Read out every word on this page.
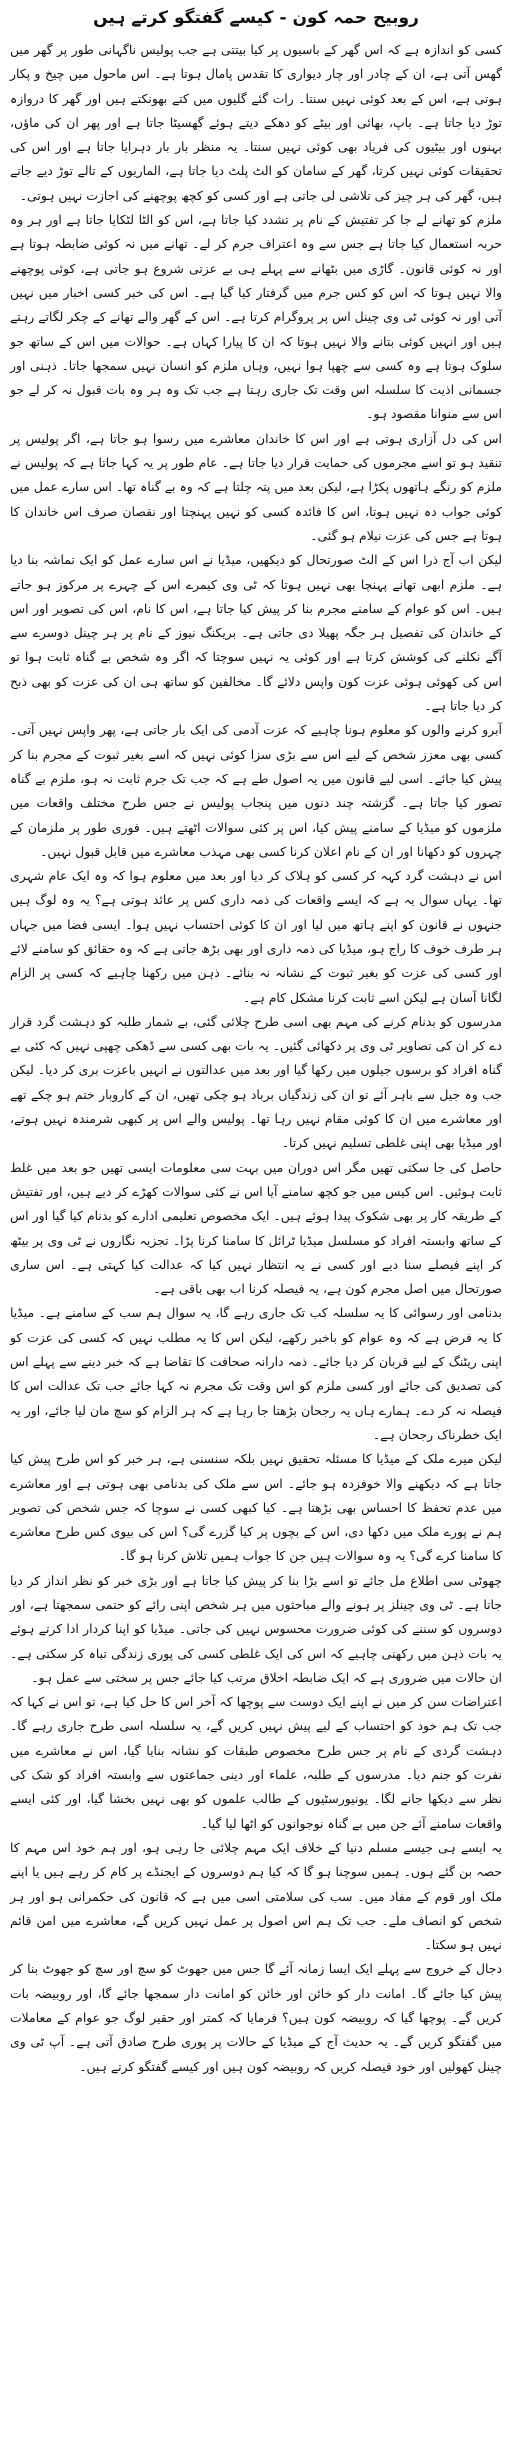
روبیح حمہ کون - کیسے گفتگو کرتے ہیں

کسی کو اندازہ ہے کہ اس گھر کے باسیوں پر کیا بیتتی ہے جب پولیس ناگہانی طور پر گھر میں گھس آتی ہے، ان کے چادر اور چار دیواری کا تقدس پامال ہوتا ہے۔ اس ماحول میں چیخ و پکار ہوتی ہے، اس کے بعد کوئی نہیں سنتا۔ رات گئے گلیوں میں کتے بھونکتے ہیں اور گھر کا دروازہ توڑ دیا جاتا ہے۔ باپ، بھائی اور بیٹے کو دھکے دیتے ہوئے گھسیٹا جاتا ہے اور پھر ان کی ماؤں، بہنوں اور بیٹیوں کی فریاد بھی کوئی نہیں سنتا۔ یہ منظر بار بار دہرایا جاتا ہے اور اس کی تحقیقات کوئی نہیں کرتا، گھر کے سامان کو الٹ پلٹ دیا جاتا ہے، الماریوں کے تالے توڑ دیے جاتے ہیں، گھر کی ہر چیز کی تلاشی لی جاتی ہے اور کسی کو کچھ پوچھنے کی اجازت نہیں ہوتی۔

ملزم کو تھانے لے جا کر تفتیش کے نام پر تشدد کیا جاتا ہے، اس کو الٹا لٹکایا جاتا ہے اور ہر وہ حربہ استعمال کیا جاتا ہے جس سے وہ اعتراف جرم کر لے۔ تھانے میں نہ کوئی ضابطہ ہوتا ہے اور نہ کوئی قانون۔ گاڑی میں بٹھانے سے پہلے ہی بے عزتی شروع ہو جاتی ہے، کوئی پوچھنے والا نہیں ہوتا کہ اس کو کس جرم میں گرفتار کیا گیا ہے۔ اس کی خبر کسی اخبار میں نہیں آتی اور نہ کوئی ٹی وی چینل اس پر پروگرام کرتا ہے۔ اس کے گھر والے تھانے کے چکر لگاتے رہتے ہیں اور انہیں کوئی بتانے والا نہیں ہوتا کہ ان کا پیارا کہاں ہے۔ حوالات میں اس کے ساتھ جو سلوک ہوتا ہے وہ کسی سے چھپا ہوا نہیں، وہاں ملزم کو انسان نہیں سمجھا جاتا۔ ذہنی اور جسمانی اذیت کا سلسلہ اس وقت تک جاری رہتا ہے جب تک وہ ہر وہ بات قبول نہ کر لے جو اس سے منوانا مقصود ہو۔

اس کی دل آزاری ہوتی ہے اور اس کا خاندان معاشرے میں رسوا ہو جاتا ہے، اگر پولیس پر تنقید ہو تو اسے مجرموں کی حمایت قرار دیا جاتا ہے۔ عام طور پر یہ کہا جاتا ہے کہ پولیس نے ملزم کو رنگے ہاتھوں پکڑا ہے، لیکن بعد میں پتہ چلتا ہے کہ وہ بے گناہ تھا۔ اس سارے عمل میں کوئی جواب دہ نہیں ہوتا، اس کا فائدہ کسی کو نہیں پہنچتا اور نقصان صرف اس خاندان کا ہوتا ہے جس کی عزت نیلام ہو گئی۔

لیکن اب آج ذرا اس کے الٹ صورتحال کو دیکھیں، میڈیا نے اس سارے عمل کو ایک تماشہ بنا دیا ہے۔ ملزم ابھی تھانے پہنچا بھی نہیں ہوتا کہ ٹی وی کیمرے اس کے چہرے پر مرکوز ہو جاتے ہیں۔ اس کو عوام کے سامنے مجرم بنا کر پیش کیا جاتا ہے، اس کا نام، اس کی تصویر اور اس کے خاندان کی تفصیل ہر جگہ پھیلا دی جاتی ہے۔ بریکنگ نیوز کے نام پر ہر چینل دوسرے سے آگے نکلنے کی کوشش کرتا ہے اور کوئی یہ نہیں سوچتا کہ اگر وہ شخص بے گناہ ثابت ہوا تو اس کی کھوئی ہوئی عزت کون واپس دلائے گا۔ مخالفین کو ساتھ ہی ان کی عزت کو بھی ذبح کر دیا جاتا ہے۔

آبرو کرنے والوں کو معلوم ہونا چاہیے کہ عزت آدمی کی ایک بار جاتی ہے، پھر واپس نہیں آتی۔ کسی بھی معزز شخص کے لیے اس سے بڑی سزا کوئی نہیں کہ اسے بغیر ثبوت کے مجرم بنا کر پیش کیا جائے۔ اسی لیے قانون میں یہ اصول طے ہے کہ جب تک جرم ثابت نہ ہو، ملزم بے گناہ تصور کیا جاتا ہے۔ گزشتہ چند دنوں میں پنجاب پولیس نے جس طرح مختلف واقعات میں ملزموں کو میڈیا کے سامنے پیش کیا، اس پر کئی سوالات اٹھتے ہیں۔ فوری طور پر ملزمان کے چہروں کو دکھانا اور ان کے نام اعلان کرنا کسی بھی مہذب معاشرے میں قابل قبول نہیں۔

اس نے دہشت گرد کہہ کر کسی کو ہلاک کر دیا اور بعد میں معلوم ہوا کہ وہ ایک عام شہری تھا۔ یہاں سوال یہ ہے کہ ایسے واقعات کی ذمہ داری کس پر عائد ہوتی ہے؟ یہ وہ لوگ ہیں جنہوں نے قانون کو اپنے ہاتھ میں لیا اور ان کا کوئی احتساب نہیں ہوا۔ ایسی فضا میں جہاں ہر طرف خوف کا راج ہو، میڈیا کی ذمہ داری اور بھی بڑھ جاتی ہے کہ وہ حقائق کو سامنے لائے اور کسی کی عزت کو بغیر ثبوت کے نشانہ نہ بنائے۔ ذہن میں رکھنا چاہیے کہ کسی پر الزام لگانا آسان ہے لیکن اسے ثابت کرنا مشکل کام ہے۔

مدرسوں کو بدنام کرنے کی مہم بھی اسی طرح چلائی گئی، بے شمار طلبہ کو دہشت گرد قرار دے کر ان کی تصاویر ٹی وی پر دکھائی گئیں۔ یہ بات بھی کسی سے ڈھکی چھپی نہیں کہ کئی بے گناہ افراد کو برسوں جیلوں میں رکھا گیا اور بعد میں عدالتوں نے انہیں باعزت بری کر دیا۔ لیکن جب وہ جیل سے باہر آئے تو ان کی زندگیاں برباد ہو چکی تھیں، ان کے کاروبار ختم ہو چکے تھے اور معاشرے میں ان کا کوئی مقام نہیں رہا تھا۔ پولیس والے اس پر کبھی شرمندہ نہیں ہوتے، اور میڈیا بھی اپنی غلطی تسلیم نہیں کرتا۔

حاصل کی جا سکتی تھیں مگر اس دوران میں بہت سی معلومات ایسی تھیں جو بعد میں غلط ثابت ہوئیں۔ اس کیس میں جو کچھ سامنے آیا اس نے کئی سوالات کھڑے کر دیے ہیں، اور تفتیش کے طریقہ کار پر بھی شکوک پیدا ہوئے ہیں۔ ایک مخصوص تعلیمی ادارے کو بدنام کیا گیا اور اس کے ساتھ وابستہ افراد کو مسلسل میڈیا ٹرائل کا سامنا کرنا پڑا۔ تجزیہ نگاروں نے ٹی وی پر بیٹھ کر اپنے فیصلے سنا دیے اور کسی نے یہ انتظار نہیں کیا کہ عدالت کیا کہتی ہے۔ اس ساری صورتحال میں اصل مجرم کون ہے، یہ فیصلہ کرنا اب بھی باقی ہے۔

بدنامی اور رسوائی کا یہ سلسلہ کب تک جاری رہے گا، یہ سوال ہم سب کے سامنے ہے۔ میڈیا کا یہ فرض ہے کہ وہ عوام کو باخبر رکھے، لیکن اس کا یہ مطلب نہیں کہ کسی کی عزت کو اپنی ریٹنگ کے لیے قربان کر دیا جائے۔ ذمہ دارانہ صحافت کا تقاضا ہے کہ خبر دینے سے پہلے اس کی تصدیق کی جائے اور کسی ملزم کو اس وقت تک مجرم نہ کہا جائے جب تک عدالت اس کا فیصلہ نہ کر دے۔ ہمارے ہاں یہ رجحان بڑھتا جا رہا ہے کہ ہر الزام کو سچ مان لیا جائے، اور یہ ایک خطرناک رجحان ہے۔

لیکن میرے ملک کے میڈیا کا مسئلہ تحقیق نہیں بلکہ سنسنی ہے، ہر خبر کو اس طرح پیش کیا جاتا ہے کہ دیکھنے والا خوفزدہ ہو جائے۔ اس سے ملک کی بدنامی بھی ہوتی ہے اور معاشرے میں عدم تحفظ کا احساس بھی بڑھتا ہے۔ کیا کبھی کسی نے سوچا کہ جس شخص کی تصویر ہم نے پورے ملک میں دکھا دی، اس کے بچوں پر کیا گزرے گی؟ اس کی بیوی کس طرح معاشرے کا سامنا کرے گی؟ یہ وہ سوالات ہیں جن کا جواب ہمیں تلاش کرنا ہو گا۔

چھوٹی سی اطلاع مل جائے تو اسے بڑا بنا کر پیش کیا جاتا ہے اور بڑی خبر کو نظر انداز کر دیا جاتا ہے۔ ٹی وی چینلز پر ہونے والے مباحثوں میں ہر شخص اپنی رائے کو حتمی سمجھتا ہے، اور دوسروں کو سننے کی کوئی ضرورت محسوس نہیں کی جاتی۔ میڈیا کو اپنا کردار ادا کرتے ہوئے یہ بات ذہن میں رکھنی چاہیے کہ اس کی ایک غلطی کسی کی پوری زندگی تباہ کر سکتی ہے۔ ان حالات میں ضروری ہے کہ ایک ضابطہ اخلاق مرتب کیا جائے جس پر سختی سے عمل ہو۔

اعتراضات سن کر میں نے اپنے ایک دوست سے پوچھا کہ آخر اس کا حل کیا ہے، تو اس نے کہا کہ جب تک ہم خود کو احتساب کے لیے پیش نہیں کریں گے، یہ سلسلہ اسی طرح جاری رہے گا۔ دہشت گردی کے نام پر جس طرح مخصوص طبقات کو نشانہ بنایا گیا، اس نے معاشرے میں نفرت کو جنم دیا۔ مدرسوں کے طلبہ، علماء اور دینی جماعتوں سے وابستہ افراد کو شک کی نظر سے دیکھا جانے لگا۔ یونیورسٹیوں کے طالب علموں کو بھی نہیں بخشا گیا، اور کئی ایسے واقعات سامنے آئے جن میں بے گناہ نوجوانوں کو اٹھا لیا گیا۔

یہ ایسے ہی جیسے مسلم دنیا کے خلاف ایک مہم چلائی جا رہی ہو، اور ہم خود اس مہم کا حصہ بن گئے ہوں۔ ہمیں سوچنا ہو گا کہ کیا ہم دوسروں کے ایجنڈے پر کام کر رہے ہیں یا اپنے ملک اور قوم کے مفاد میں۔ سب کی سلامتی اسی میں ہے کہ قانون کی حکمرانی ہو اور ہر شخص کو انصاف ملے۔ جب تک ہم اس اصول پر عمل نہیں کریں گے، معاشرے میں امن قائم نہیں ہو سکتا۔

دجال کے خروج سے پہلے ایک ایسا زمانہ آئے گا جس میں جھوٹ کو سچ اور سچ کو جھوٹ بنا کر پیش کیا جائے گا۔ امانت دار کو خائن اور خائن کو امانت دار سمجھا جائے گا، اور روبیضہ بات کریں گے۔ پوچھا گیا کہ روبیضہ کون ہیں؟ فرمایا کہ کمتر اور حقیر لوگ جو عوام کے معاملات میں گفتگو کریں گے۔ یہ حدیث آج کے میڈیا کے حالات پر پوری طرح صادق آتی ہے۔ آپ ٹی وی چینل کھولیں اور خود فیصلہ کریں کہ روبیضہ کون ہیں اور کیسے گفتگو کرتے ہیں۔
